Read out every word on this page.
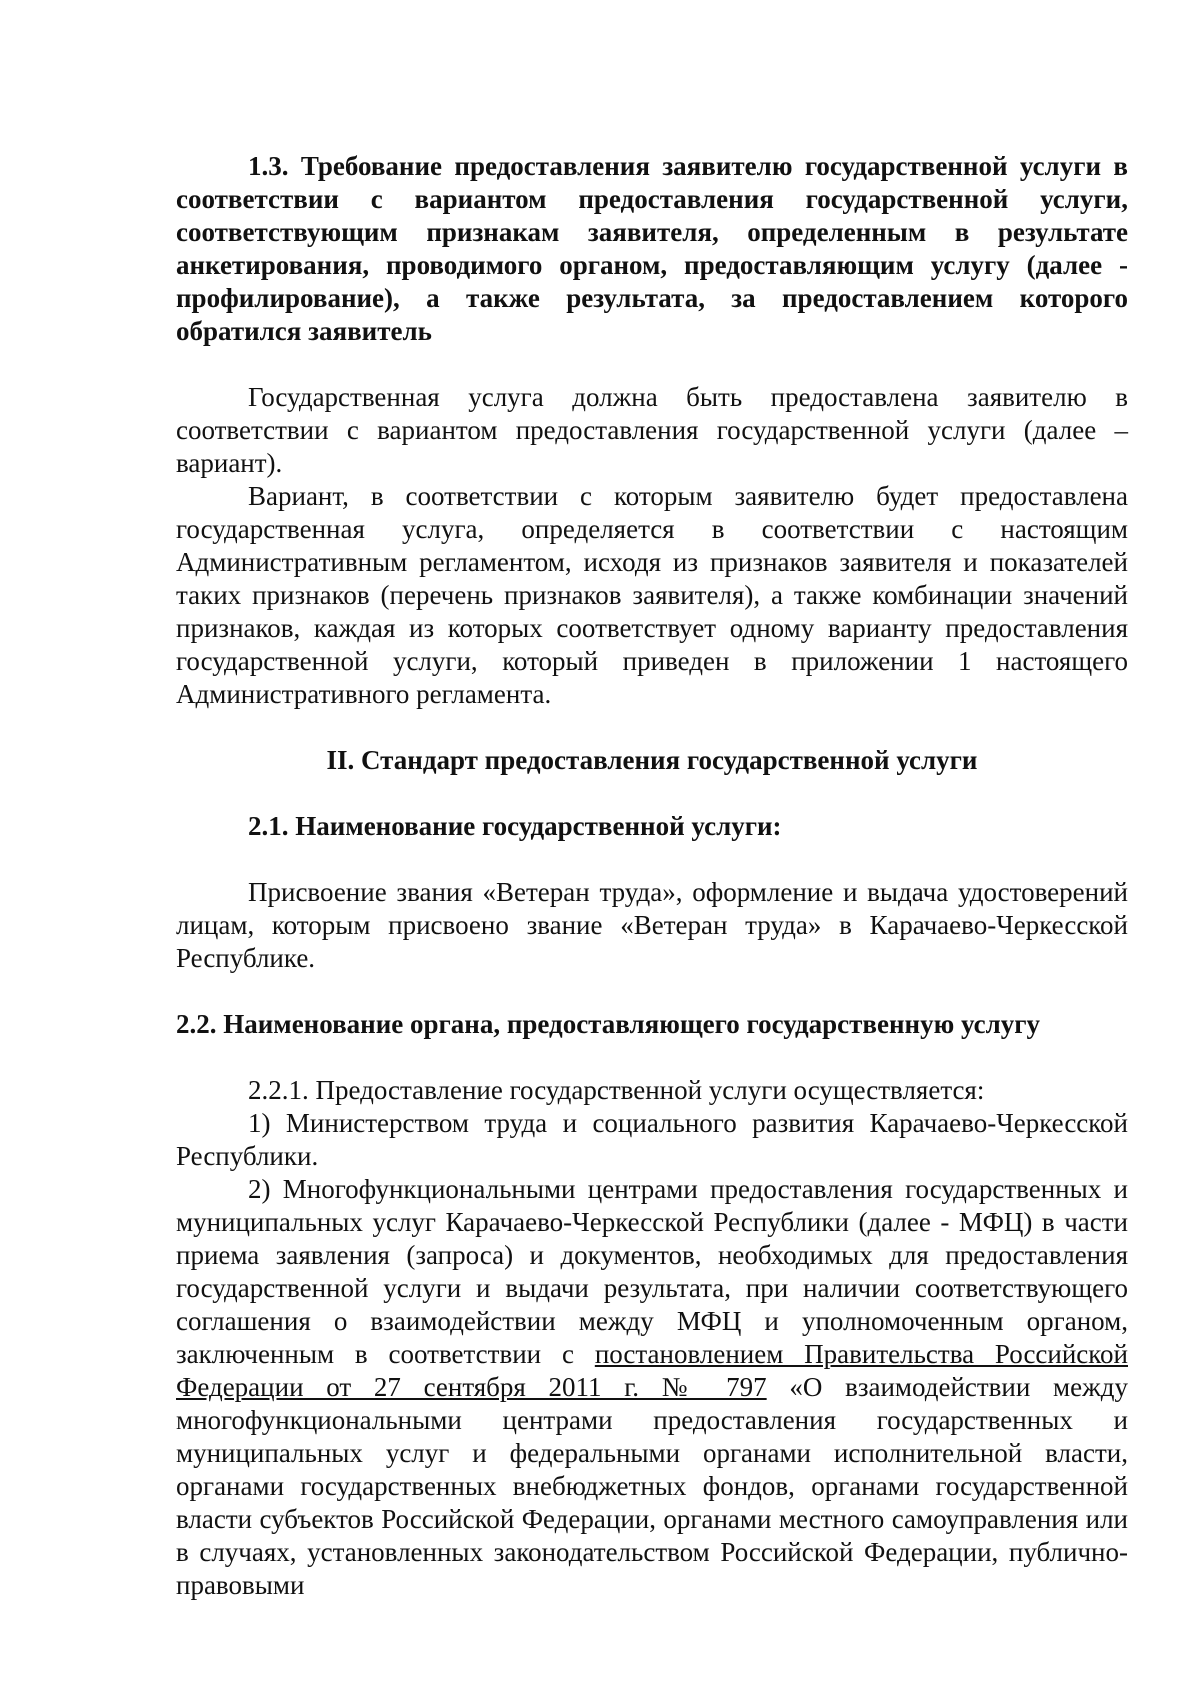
1.3. Требование предоставления заявителю государственной услуги в соответствии с вариантом предоставления государственной услуги, соответствующим признакам заявителя, определенным в результате анкетирования, проводимого органом, предоставляющим услугу (далее - профилирование), а также результата, за предоставлением которого обратился заявитель

Государственная услуга должна быть предоставлена заявителю в соответствии с вариантом предоставления государственной услуги (далее – вариант).

Вариант, в соответствии с которым заявителю будет предоставлена государственная услуга, определяется в соответствии с настоящим Административным регламентом, исходя из признаков заявителя и показателей таких признаков (перечень признаков заявителя), а также комбинации значений признаков, каждая из которых соответствует одному варианту предоставления государственной услуги, который приведен в приложении 1 настоящего Административного регламента.

II. Стандарт предоставления государственной услуги

2.1. Наименование государственной услуги:

Присвоение звания «Ветеран труда», оформление и выдача удостоверений лицам, которым присвоено звание «Ветеран труда» в Карачаево-Черкесской Республике.

2.2. Наименование органа, предоставляющего государственную услугу

2.2.1. Предоставление государственной услуги осуществляется:

1) Министерством труда и социального развития Карачаево-Черкесской Республики.

2) Многофункциональными центрами предоставления государственных и муниципальных услуг Карачаево-Черкесской Республики (далее - МФЦ) в части приема заявления (запроса) и документов, необходимых для предоставления государственной услуги и выдачи результата, при наличии соответствующего соглашения о взаимодействии между МФЦ и уполномоченным органом, заключенным в соответствии с постановлением Правительства Российской Федерации от 27 сентября 2011 г. № 797 «О взаимодействии между многофункциональными центрами предоставления государственных и муниципальных услуг и федеральными органами исполнительной власти, органами государственных внебюджетных фондов, органами государственной власти субъектов Российской Федерации, органами местного самоуправления или в случаях, установленных законодательством Российской Федерации, публично-правовыми
